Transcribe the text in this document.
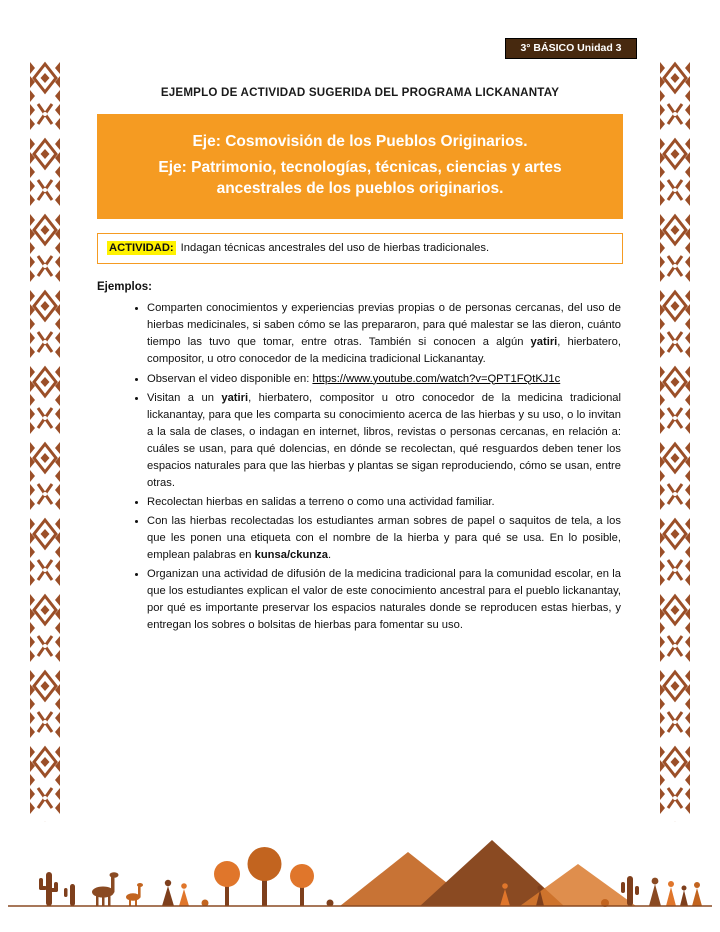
3° BÁSICO Unidad 3
EJEMPLO DE ACTIVIDAD SUGERIDA DEL PROGRAMA LICKANANTAY
Eje: Cosmovisión de los Pueblos Originarios.
Eje: Patrimonio, tecnologías, técnicas, ciencias y artes ancestrales de los pueblos originarios.
ACTIVIDAD: Indagan técnicas ancestrales del uso de hierbas tradicionales.
Ejemplos:
• Comparten conocimientos y experiencias previas propias o de personas cercanas, del uso de hierbas medicinales, si saben cómo se las prepararon, para qué malestar se las dieron, cuánto tiempo las tuvo que tomar, entre otras. También si conocen a algún yatiri, hierbatero, compositor, u otro conocedor de la medicina tradicional Lickanantay.
• Observan el video disponible en: https://www.youtube.com/watch?v=QPT1FQtKJ1c
• Visitan a un yatiri, hierbatero, compositor u otro conocedor de la medicina tradicional lickanantay, para que les comparta su conocimiento acerca de las hierbas y su uso, o lo invitan a la sala de clases, o indagan en internet, libros, revistas o personas cercanas, en relación a: cuáles se usan, para qué dolencias, en dónde se recolectan, qué resguardos deben tener los espacios naturales para que las hierbas y plantas se sigan reproduciendo, cómo se usan, entre otras.
• Recolectan hierbas en salidas a terreno o como una actividad familiar.
• Con las hierbas recolectadas los estudiantes arman sobres de papel o saquitos de tela, a los que les ponen una etiqueta con el nombre de la hierba y para qué se usa. En lo posible, emplean palabras en kunsa/ckunza.
• Organizan una actividad de difusión de la medicina tradicional para la comunidad escolar, en la que los estudiantes explican el valor de este conocimiento ancestral para el pueblo lickanantay, por qué es importante preservar los espacios naturales donde se reproducen estas hierbas, y entregan los sobres o bolsitas de hierbas para fomentar su uso.
